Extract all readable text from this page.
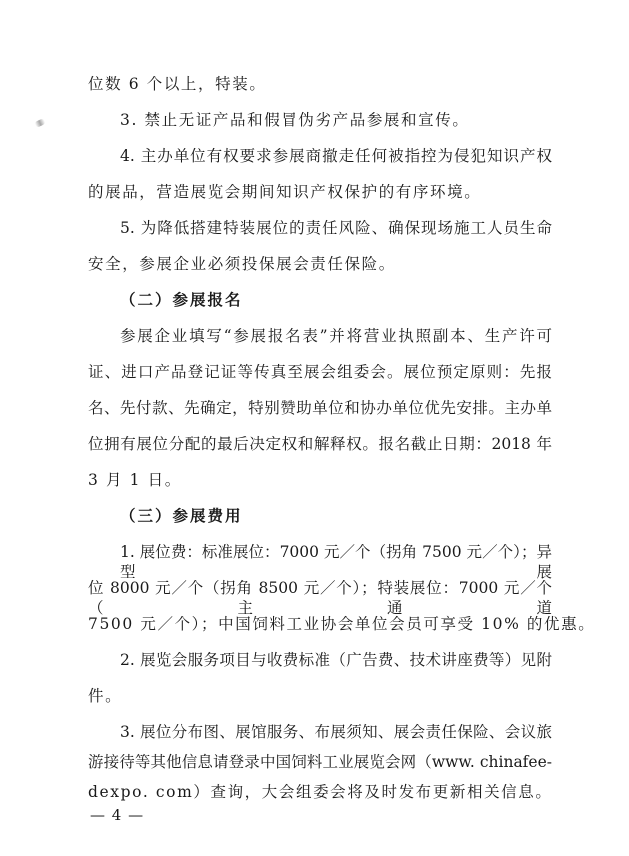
位数 6 个以上，特装。
3. 禁止无证产品和假冒伪劣产品参展和宣传。
4. 主办单位有权要求参展商撤走任何被指控为侵犯知识产权
的展品，营造展览会期间知识产权保护的有序环境。
5. 为降低搭建特装展位的责任风险、确保现场施工人员生命
安全，参展企业必须投保展会责任保险。
（二）参展报名
参展企业填写“参展报名表”并将营业执照副本、生产许可
证、进口产品登记证等传真至展会组委会。展位预定原则：先报
名、先付款、先确定，特别赞助单位和协办单位优先安排。主办单
位拥有展位分配的最后决定权和解释权。报名截止日期：2018 年
3 月 1 日。
（三）参展费用
1. 展位费：标准展位：7000 元／个（拐角 7500 元／个）；异型展
位 8000 元／个（拐角 8500 元／个）；特装展位：7000 元／个（主通道
7500 元／个）；中国饲料工业协会单位会员可享受 10% 的优惠。
2. 展览会服务项目与收费标准（广告费、技术讲座费等）见附
件。
3. 展位分布图、展馆服务、布展须知、展会责任保险、会议旅
游接待等其他信息请登录中国饲料工业展览会网（www. chinafee-
dexpo. com）查询，大会组委会将及时发布更新相关信息。
— 4 —
